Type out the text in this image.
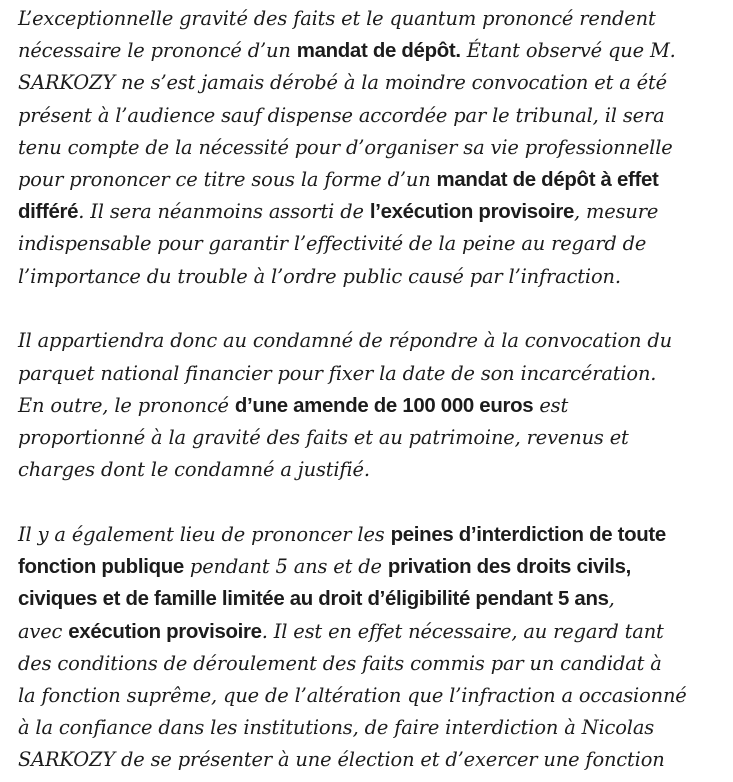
L’exceptionnelle gravité des faits et le quantum prononcé rendent
nécessaire le prononcé d’un mandat de dépôt. Étant observé que M.
SARKOZY ne s’est jamais dérobé à la moindre convocation et a été
présent à l’audience sauf dispense accordée par le tribunal, il sera
tenu compte de la nécessité pour d’organiser sa vie professionnelle
pour prononcer ce titre sous la forme d’un mandat de dépôt à effet
différé. Il sera néanmoins assorti de l’exécution provisoire, mesure
indispensable pour garantir l’effectivité de la peine au regard de
l’importance du trouble à l’ordre public causé par l’infraction.

Il appartiendra donc au condamné de répondre à la convocation du
parquet national financier pour fixer la date de son incarcération.
En outre, le prononcé d’une amende de 100 000 euros est
proportionné à la gravité des faits et au patrimoine, revenus et
charges dont le condamné a justifié.

Il y a également lieu de prononcer les peines d’interdiction de toute
fonction publique pendant 5 ans et de privation des droits civils,
civiques et de famille limitée au droit d’éligibilité pendant 5 ans,
avec exécution provisoire. Il est en effet nécessaire, au regard tant
des conditions de déroulement des faits commis par un candidat à
la fonction suprême, que de l’altération que l’infraction a occasionné
à la confiance dans les institutions, de faire interdiction à Nicolas
SARKOZY de se présenter à une élection et d’exercer une fonction
